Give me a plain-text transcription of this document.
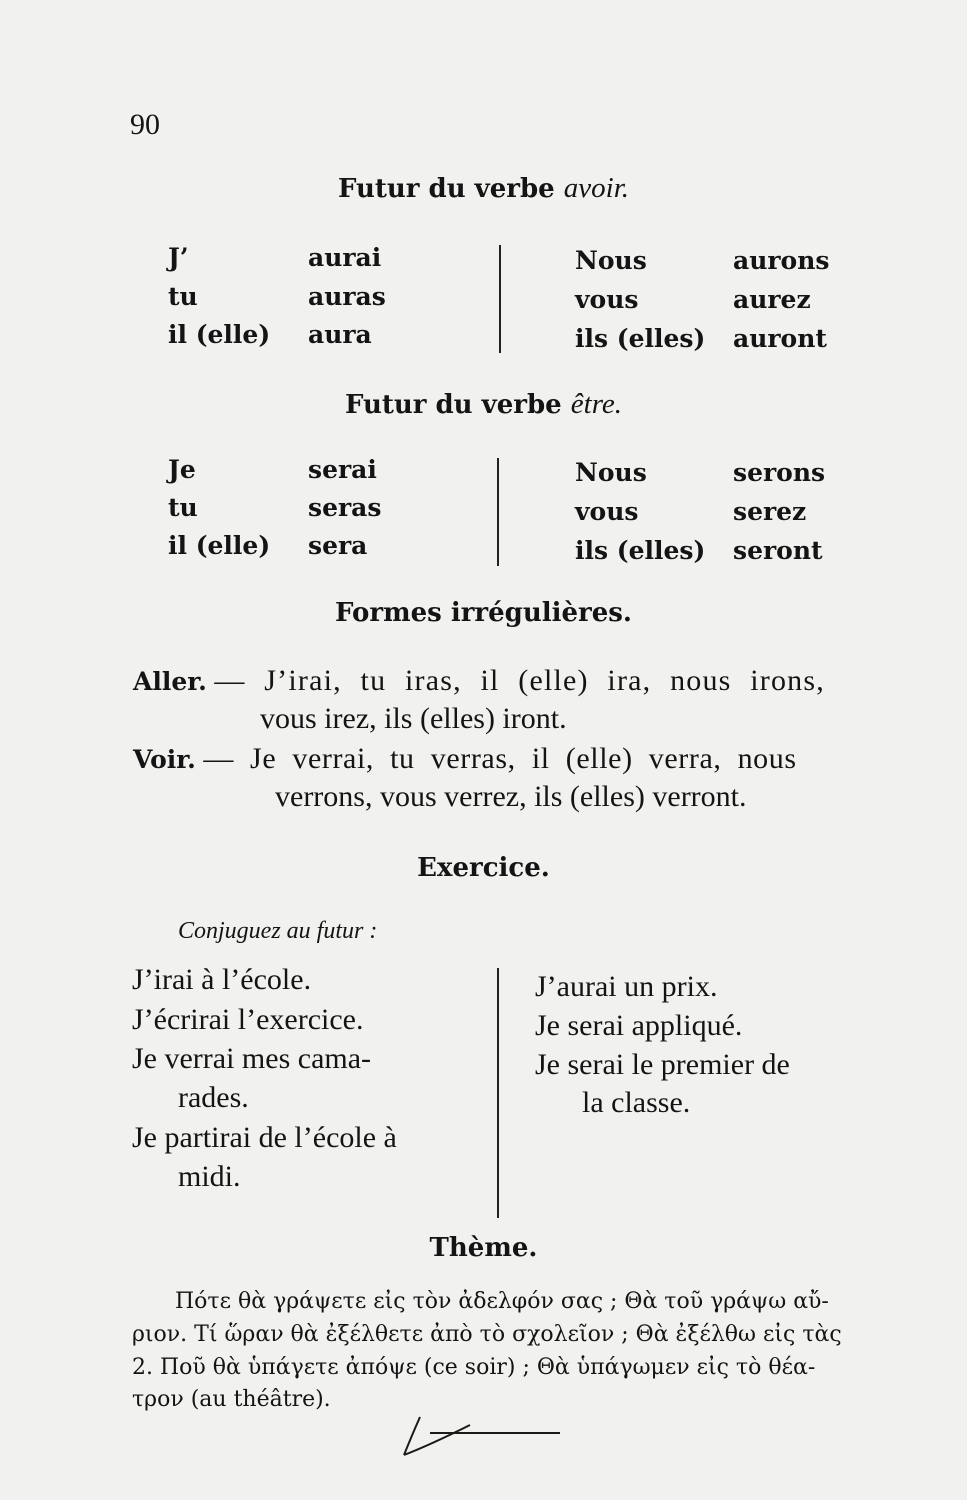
90
Futur du verbe avoir.
J’	aurai
tu	auras
il (elle) aura
Nous	aurons
vous	aurez
ils (elles) auront
Futur du verbe être.
Je	serai
tu	seras
il (elle) sera
Nous	serons
vous	serez
ils (elles) seront
Formes irrégulières.
Aller. — J’irai, tu iras, il (elle) ira, nous irons,
vous irez, ils (elles) iront.
Voir. — Je verrai, tu verras, il (elle) verra, nous
verrons, vous verrez, ils (elles) verront.
Exercice.
Conjuguez au futur :
J’irai à l’école.
J’écrirai l’exercice.
Je verrai mes cama-
rades.
Je partirai de l’école à
midi.
J’aurai un prix.
Je serai appliqué.
Je serai le premier de
la classe.
Thème.
Πότε θὰ γράψετε εἰς τὸν ἀδελφόν σας ; Θὰ τοῦ γράψω αὔ-
ριον. Τί ὥραν θὰ ἐξέλθετε ἀπὸ τὸ σχολεῖον ; Θὰ ἐξέλθω εἰς τὰς
2. Ποῦ θὰ ὑπάγετε ἀπόψε (ce soir) ; Θὰ ὑπάγωμεν εἰς τὸ θέα-
τρον (au théâtre).
